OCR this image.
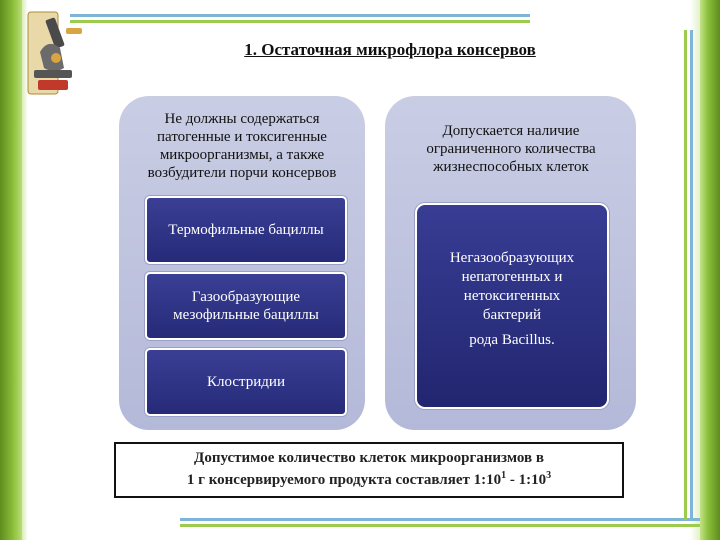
1. Остаточная микрофлора консервов
Не должны содержаться патогенные и токсигенные микроорганизмы, а также возбудители порчи консервов
Термофильные бациллы
Газообразующие мезофильные бациллы
Клостридии
Допускается наличие ограниченного количества жизнеспособных клеток
Негазообразующих
непатогенных и
нетоксигенных
бактерий
рода Bacillus.
Допустимое количество клеток микроорганизмов в
1 г консервируемого продукта составляет $1:10^1$ - $1:10^3$
